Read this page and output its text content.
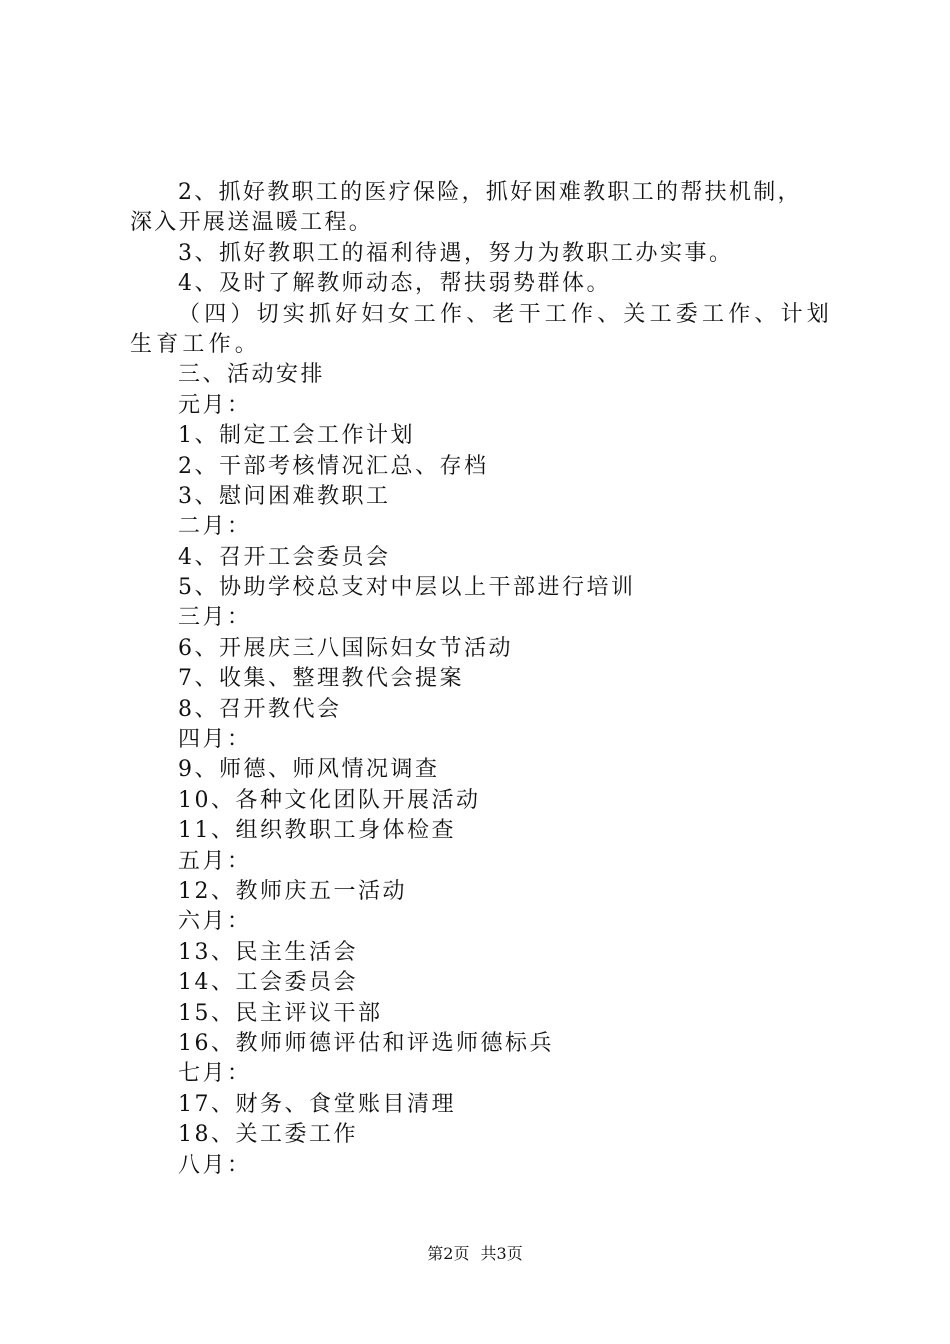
2、抓好教职工的医疗保险，抓好困难教职工的帮扶机制，
深入开展送温暖工程。
3、抓好教职工的福利待遇，努力为教职工办实事。
4、及时了解教师动态，帮扶弱势群体。
（四）切实抓好妇女工作、老干工作、关工委工作、计划
生育工作。
三、活动安排
元月：
1、制定工会工作计划
2、干部考核情况汇总、存档
3、慰问困难教职工
二月：
4、召开工会委员会
5、协助学校总支对中层以上干部进行培训
三月：
6、开展庆三八国际妇女节活动
7、收集、整理教代会提案
8、召开教代会
四月：
9、师德、师风情况调查
10、各种文化团队开展活动
11、组织教职工身体检查
五月：
12、教师庆五一活动
六月：
13、民主生活会
14、工会委员会
15、民主评议干部
16、教师师德评估和评选师德标兵
七月：
17、财务、食堂账目清理
18、关工委工作
八月：
第2页 共3页
